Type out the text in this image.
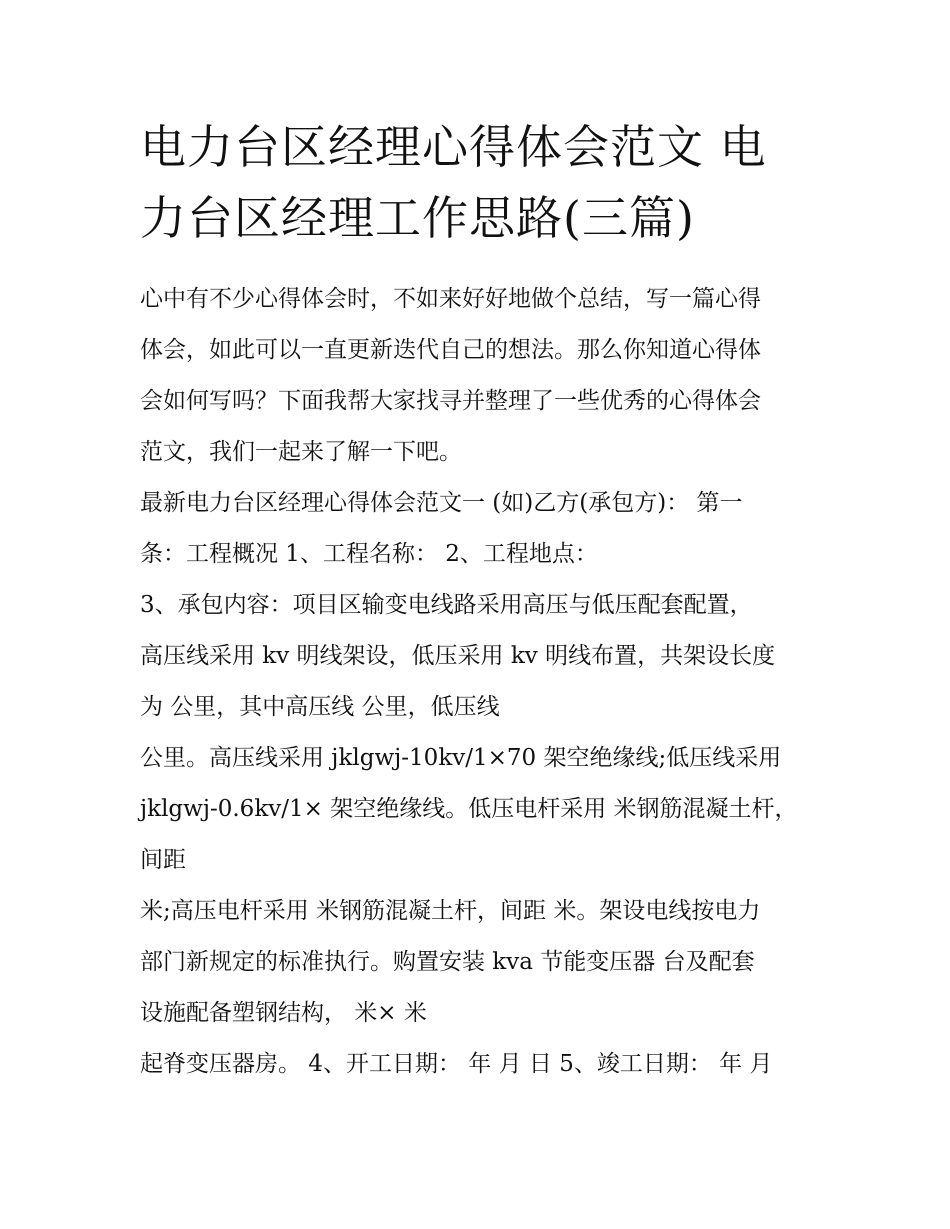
电力台区经理心得体会范文 电
力台区经理工作思路(三篇)
心中有不少心得体会时，不如来好好地做个总结，写一篇心得
体会，如此可以一直更新迭代自己的想法。那么你知道心得体
会如何写吗？下面我帮大家找寻并整理了一些优秀的心得体会
范文，我们一起来了解一下吧。
最新电力台区经理心得体会范文一 (如)乙方(承包方)： 第一
条：工程概况 1、工程名称： 2、工程地点：
3、承包内容：项目区输变电线路采用高压与低压配套配置，
高压线采用 kv 明线架设，低压采用 kv 明线布置，共架设长度
为 公里，其中高压线 公里，低压线
公里。高压线采用 jklgwj-10kv/1×70 架空绝缘线;低压线采用
jklgwj-0.6kv/1× 架空绝缘线。低压电杆采用 米钢筋混凝土杆，
间距
米;高压电杆采用 米钢筋混凝土杆，间距 米。架设电线按电力
部门新规定的标准执行。购置安装 kva 节能变压器 台及配套
设施配备塑钢结构， 米× 米
起脊变压器房。 4、开工日期： 年 月 日 5、竣工日期： 年 月
